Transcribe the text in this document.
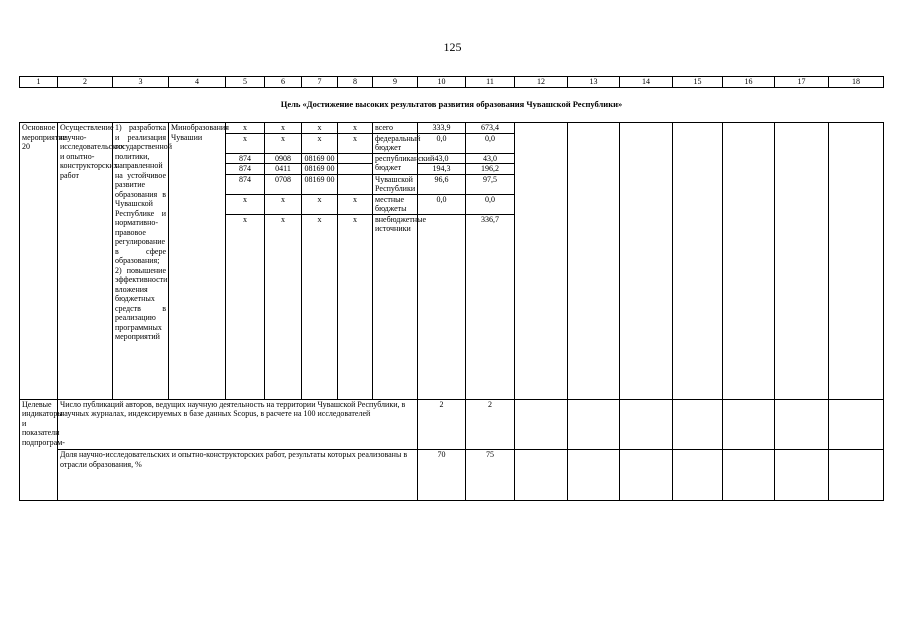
125
1	2	3	4	5	6	7	8	9	10	11	12	13	14	15	16	17	18
Цель «Достижение высоких результатов развития образования Чувашской Республики»																	
Основное мероприятие 20	Осуществление научно-исследовательских и опытно-конструкторских работ	1) разработка и реализация государственной политики, направленной на устойчивое развитие образования в Чувашской Республике и нормативно-правовое регулирование в сфере образования; 2) повышение эффективности вложения бюджетных средств в реализацию программных мероприятий	Минобразования Чувашии	x	x	x	x	всего	333,9	673,4							
				x	x	x	x	федеральный бюджет	0,0	0,0							
				874	0908	08169 00		республиканский бюджет	43,0	43,0							
				874	0411	08169 00			194,3	196,2							
				874	0708	08169 00		Чувашской Республики	96,6	97,5							
				x	x	x	x	местные бюджеты	0,0	0,0							
				x	x	x	x	внебюджетные источники		336,7							
Целевые индикаторы и показатели подпрограм-	Число публикаций авторов, ведущих научную деятельность на территории Чувашской Республики, в научных журналах, индексируемых в базе данных Scopus, в расчете на 100 исследователей								2	2							
	Доля научно-исследовательских и опытно-конструкторских работ, результаты которых реализованы в отрасли образования, %								70	75							
